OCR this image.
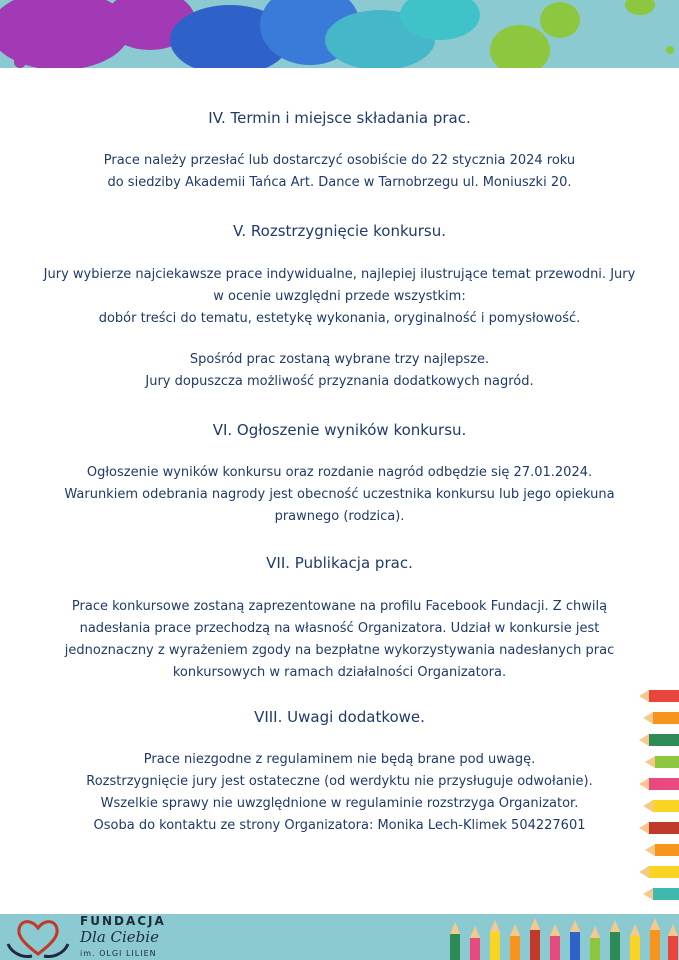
IV. Termin i miejsce składania prac.
Prace należy przesłać lub dostarczyć osobiście do 22 stycznia 2024 roku
do siedziby Akademii Tańca Art. Dance w Tarnobrzegu ul. Moniuszki 20.
V. Rozstrzygnięcie konkursu.
Jury wybierze najciekawsze prace indywidualne, najlepiej ilustrujące temat przewodni. Jury
w ocenie uwzględni przede wszystkim:
dobór treści do tematu, estetykę wykonania, oryginalność i pomysłowość.
Spośród prac zostaną wybrane trzy najlepsze.
Jury dopuszcza możliwość przyznania dodatkowych nagród.
VI. Ogłoszenie wyników konkursu.
Ogłoszenie wyników konkursu oraz rozdanie nagród odbędzie się 27.01.2024.
Warunkiem odebrania nagrody jest obecność uczestnika konkursu lub jego opiekuna
prawnego (rodzica).
VII. Publikacja prac.
Prace konkursowe zostaną zaprezentowane na profilu Facebook Fundacji. Z chwilą
nadesłania prace przechodzą na własność Organizatora. Udział w konkursie jest
jednoznaczny z wyrażeniem zgody na bezpłatne wykorzystywania nadesłanych prac
konkursowych w ramach działalności Organizatora.
VIII. Uwagi dodatkowe.
Prace niezgodne z regulaminem nie będą brane pod uwagę.
Rozstrzygnięcie jury jest ostateczne (od werdyktu nie przysługuje odwołanie).
Wszelkie sprawy nie uwzględnione w regulaminie rozstrzyga Organizator.
Osoba do kontaktu ze strony Organizatora: Monika Lech-Klimek 504227601
FUNDACJA
Dla Ciebie
im. OLGI LILIEN
